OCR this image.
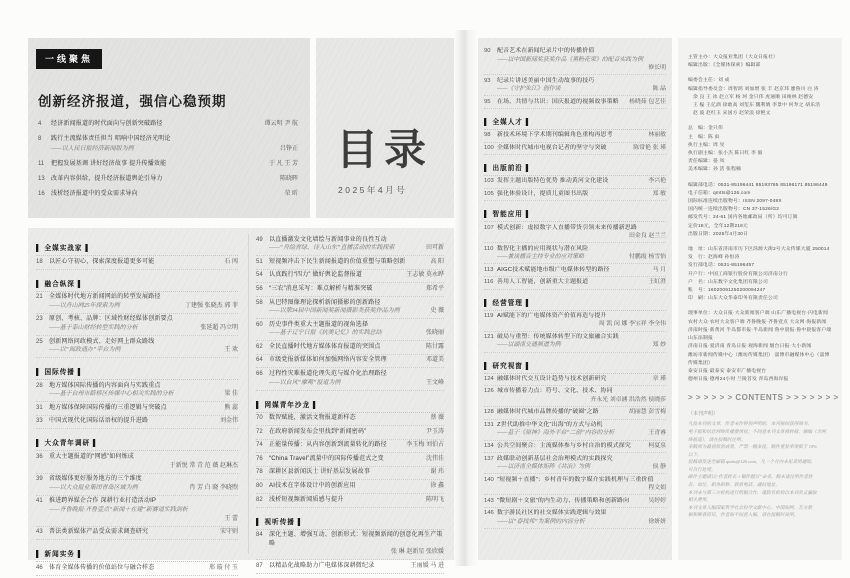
一线聚焦
创新经济报道，强信心稳预期
4	经济新闻报道的时代面向与创新突破路径	谭云明 尹 航
8	践行主流媒体责任担当 唱响中国经济光明论
——以人民日报经济新闻版为例	吕铮正
11	把握发展基调 讲好经济故事 提升传播效能	于 凡 王 芳
13	改革内容供给，提升经济报道舆论引导力	陈晓晖
16	浅析经济报道中的受众需求导向	荣 昕
目录
2025年4月号
▌ 全媒实战家 ▌
18	以匠心守初心，探索深度报道更多可能	石 闯
▌ 融合纵深 ▌
21	全媒体时代地方新闻网站的转型发展路径
——以舟山网25年探索为例	丁建强 张晓杰 郭 菲
23	原创、考核、品牌：区域性财经媒体创新要点
——基于泰山财经转型实践的分析	张延超 冯立明
25	创新网络问政模式、走好网上群众路线
——以“闽政通办”平台为例	王 欢
▌ 国际传播 ▌
28	地方媒体国际传播的内容面向与实践重点
——基于台州市路桥区传媒中心相关实践的分析	梁 佳
31	地方媒体保障国际传播的三重逻辑与突破点	熊 蕊
33	中国式现代化国际话语权的提升进路	刘金伟
▌ 大众青年调研 ▌
36	重大主题报道的“网感”如何炼成
于新悦 常 青 范 薇 赵琳杰
39	省级媒体更好服务地方的三个维度
——以大众报业集团青岛区域为例	肖 芳 白 晓 李晓煦
41	推进跨界媒企合作 深耕行业打造活动IP
——齐鲁晚报·齐鲁壹点“新闻＋在建”新赛道实践剖析
王 蕾
43	普法类新媒体产品受众需求调查研究	宋守则
▌ 新闻实务 ▌
46	体育全媒体传播的价值站位与融合样态	邢 璇 付 玉
49	以直播激发文化墙绘与新闻事业的良性互动
——“舟绘青绿、诗入山东”直播活动的实践探索	田可新
51	短视频冲击下民生新闻报道的价值重塑与策略创新	高 阳
54	认真践行“四力” 做好舆论监督报道	王志敏 莫永晔
56	“三农”消息采写：难点解析与精准突破	郑希平
58	从巴特图像理论探析新闻摄影的创新路径
——以第34届中国新闻奖新闻摄影类获奖作品为例	史 薇
60	历史事件类重大主题报道的视角选择
——基于辽宁日报《抗美记忆》的实践总结	张晓丽
62	全民直播时代地方媒体体育报道的突围点	陈甘露
64	市级党报新媒体如何加强网络内容安全管理	邓道美
66	过程性灾难报道伦理失范与媒介化治理路径
——以台风“摩羯”报道为例	王文峰
▌ 网媒青年沙龙 ▌
70	数智赋能，激活文物报道新样态	蔡 薇
72	在政府新闻发布会里找到“新闻密码”	尹玉涛
74	正能量传播：从内容创新到流量转化的路径	李玉梅 刘伯占
76	“China Travel”流量中的国际传播范式之变	沈伟佳
78	深耕区县新闻沃土 讲好基层发展故事	谢 玮
80	AI技术在字体设计中的创新应用	徐 鑫
82	浅析短视频新闻质感与提升	陈明飞
▌ 视听传播 ▌
84	深化主题、增强互动、创新形式：短视频新闻的创意化再生产策略
张 琳 赵新星 张欣媛
87	以精品化战略助力广电媒体深耕微纪录	王丽媛 马 进
90	配音艺术在新闻纪录片中的传播价值
——以中国新闻奖获奖作品《黑粉花荣》的配音实践为例
修长明
93	纪录片讲述美丽中国生动故事的技巧
——《守护朱江》创作谈	陈 晶
95	在场、共情与共识：国庆报道的视频故事策略	杨晓茹 包艺佳
▌ 全媒人才 ▌
98	新技术环境下学术期刊编辑角色重构再思考	林丽敏
100 全媒体时代城市电视台记者的坚守与突破	陈常艳 张 瑾
▌ 出版前沿 ▌
103 发挥主题出版特色优势 推动黄河文化建设	李兴艳
105 强化体验设计，提质儿童图书出版	郑 敏
▌ 智能应用 ▌
107 模式创新：虚拟数字人直播带货引领未来传播新思路
田金良 赵兰兰
110 数智化主播的应用现状与潜在风险
——兼谈播音主持专业的应对策略	付鹏霞 杨雪怡
113 AIGC技术赋能地市级广电媒体转型的路径	马 月
116 善用人工智能，创新重大主题报道	王虹澄
▌ 经营管理 ▌
119 AI赋能下的广电媒体资产价值再造与提升
周 凯 闵 娜 李宝祥 李全伟
121 破局与重塑：传统媒体转型下的文旅融合实践
——以湖南交通频道为例	郑 妙
▌ 研究视窗 ▌
124 融媒体时代交互设计趋势与技术创新研究	章 瑾
126 城市传播着力点：符号、文化、技术、协同
齐永光 刘卓涵 洪浩然 侯晓莎
128 融媒体时代城市品牌传播的“破圈”之路	胡丽慧 彭雪梅
131 Z世代助推中华文化“出海”的方式与动机
——基于《原神》海外平台“二创”内容的分析	王青睿
134 公共空间聚合：主流媒体参与乡村自治的模式探究	柯夏泉
137 政媒联动创新基层社会治理模式的实践探究
——以济南全媒体矩阵《共治》为例	侯 静
140 “短视频＋直播”：乡村青年的数字媒介实践机理与三重价值
程文娟
143 “微短剧＋文旅”的内生动力、传播策略和创新路向	吴婷婷
146 数字游民社区的社交媒体实践逻辑与效果
——以“春找邦”为案例的内容分析	徐妍妍
主管主办：大众报业集团（大众日报社）
编辑出版：《全媒体探索》编辑部
编委会主任：刘 成
编辑指导委员会：周智鸿 刘加增 张 丰 赵京玮 廖鲁川 白 涛
　余 良 王 冰 赵立军 杨 珂 金只伟 虎通顺 田俊林 赵德安
　王 榀 王亿酒 徐敢高 刘玺东 魏利婧 李景中 何寿之 胡乐浩
　赵 波 赵红玉 宋国方 赵荣浪 徐艳文
总　编：金只伟
主　编：陈 雨
执行主编：周 旻
执行副主编：张小杰 陈曰红 李 毅
责任编辑：晏 凤
美术编辑：孙 活 张程楠
编辑部电话：0531-85196441 85193765 85196171 85196449
电子信箱：qmtts@126.com
国际标准连续出版物号：ISSN 2097-048X
国内统一连续出版物号：CN 37-1526/G2
邮发代号：24-61 国内各地邮政局（所）均可订阅
定价18元，全年12期216元
出版日期：2025年4月30日
地　址：山东省济南市历下区泺源大街2号大众传媒大厦 250014
发　行：赵海峰 孙恒涛
发行部电话：0531-85196457
开户行：中国工商银行股份有限公司济南分行
户　名：山东数字文化集团有限公司
账　号：16020091250200094247
印　刷：山东大众华泰印务有限责任公司
理事单位：大众日报·大众新闻客户端 山东广播电视台·闪电新闻
农村大众·农村大众客户端 齐鲁晚报·齐鲁壹点 大众网·海报新闻
济南时报·新黄河 半岛都市报·半岛新闻 鲁中晨报·鲁中晨报客户端 山东法制报
济南日报·爱济南 青岛日报·观海新闻 烟台日报·大小新闻
潍坊市新闻传媒中心（潍坊传媒集团） 淄博市融媒体中心（淄博传媒集团）
泰安日报·最泰安 泰安市广播电视台
德州日报·德州24小时 兰陵首发 青岛西海岸报
> > > > > > CONTENTS > > > > > > >
（本刊声明）
凡投本刊的文章，作者未作特别声明的，本刊视同获得图书、
电子版和信息网络传播使用权；不同意本刊文章被转载、摘编（含网
络报道），请在投稿时注明。
来稿须为最初原创成果，严禁一稿多投，稿件重复率须低于 10%
以下。
投稿请发送至邮箱 qmtts@126.com，凡一个月内未见采用通知，
可自行处理。
邮件主题请以“作者姓名＋稿件题目”命名，稿末请注明作者姓
名、单位、职务职称、联系电话、通信地址。
本刊未与第三方机构进行组稿合作，谨防有机构以本刊名义骗取
相关费用。
本刊文章入编国家哲学社会科学文献中心、中国知网、万方数
据和维普资讯，作者如不同意入编，请在投稿时说明。
